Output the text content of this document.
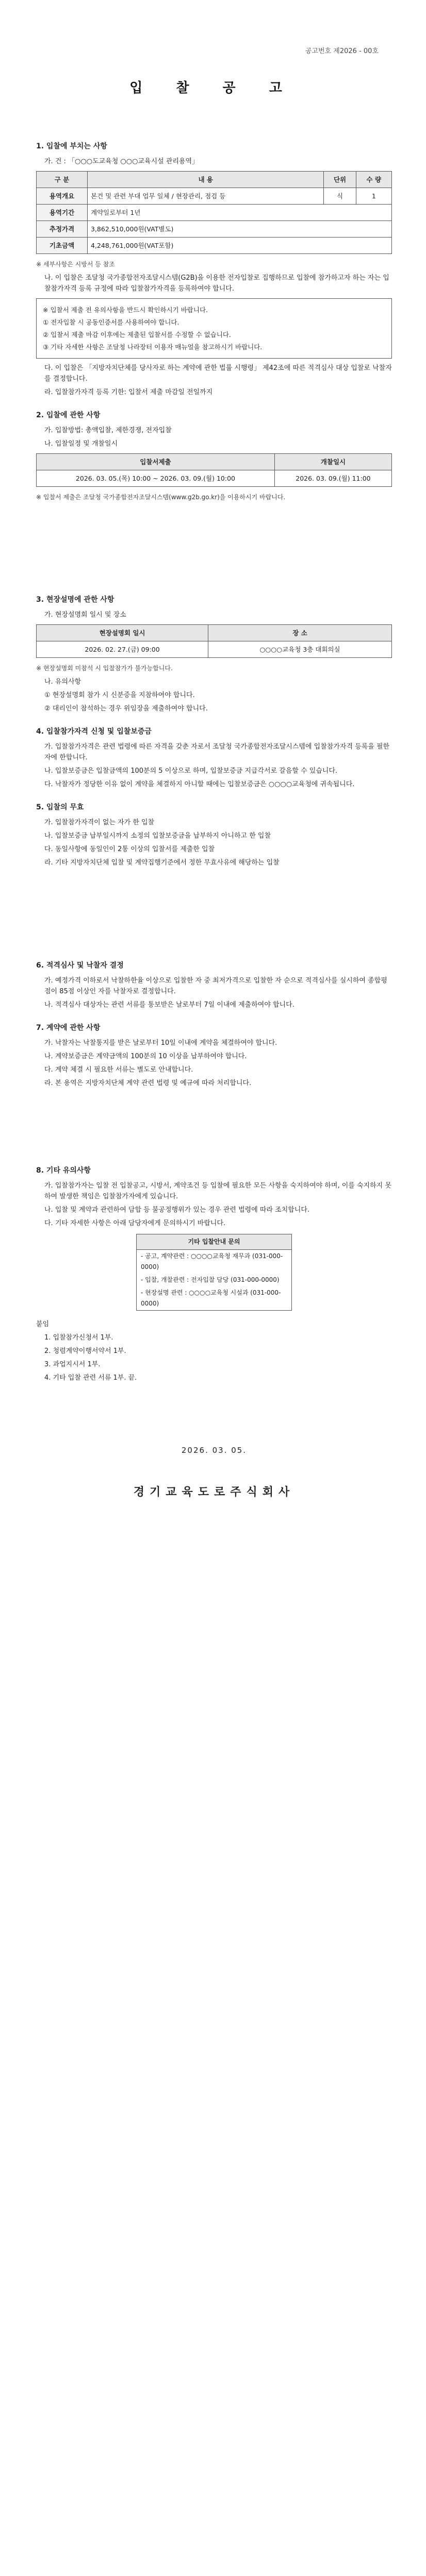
공고번호 제2026 - 00호
입 찰 공 고
1. 입찰에 부치는 사항
가. 건 : 「○○○도교육청 ○○○교육시설 관리용역」
구 분	내 용	단위	수 량
용역개요	본건 및 관련 부대 업무 일체 / 현장관리, 점검 등	식	1
용역기간	계약일로부터 1년		
추정가격	3,862,510,000원(VAT별도)		
기초금액	4,248,761,000원(VAT포함)		
※ 세부사항은 시방서 등 참조
나. 이 입찰은 조달청 국가종합전자조달시스템(G2B)을 이용한 전자입찰로 집행하므로 입찰에 참가하고자 하는 자는 입찰참가자격 등록 규정에 따라 입찰참가자격을 등록하여야 합니다.
※ 입찰서 제출 전 유의사항을 반드시 확인하시기 바랍니다.
① 전자입찰 시 공동인증서를 사용하여야 합니다.
② 입찰서 제출 마감 이후에는 제출된 입찰서를 수정할 수 없습니다.
③ 기타 자세한 사항은 조달청 나라장터 이용자 매뉴얼을 참고하시기 바랍니다.
다. 이 입찰은 「지방자치단체를 당사자로 하는 계약에 관한 법률 시행령」 제42조에 따른 적격심사 대상 입찰로 낙찰자를 결정합니다.
라. 입찰참가자격 등록 기한: 입찰서 제출 마감일 전일까지
2. 입찰에 관한 사항
가. 입찰방법: 총액입찰, 제한경쟁, 전자입찰
나. 입찰일정 및 개찰일시
입찰서제출	개찰일시
2026. 03. 05.(목) 10:00 ~ 2026. 03. 09.(월) 10:00	2026. 03. 09.(월) 11:00
※ 입찰서 제출은 조달청 국가종합전자조달시스템(www.g2b.go.kr)을 이용하시기 바랍니다.
3. 현장설명에 관한 사항
가. 현장설명회 일시 및 장소
현장설명회 일시	장 소
2026. 02. 27.(금) 09:00	○○○○교육청 3층 대회의실
※ 현장설명회 미참석 시 입찰참가가 불가능합니다.
나. 유의사항
① 현장설명회 참가 시 신분증을 지참하여야 합니다.
② 대리인이 참석하는 경우 위임장을 제출하여야 합니다.
4. 입찰참가자격 신청 및 입찰보증금
가. 입찰참가자격은 관련 법령에 따른 자격을 갖춘 자로서 조달청 국가종합전자조달시스템에 입찰참가자격 등록을 필한 자에 한합니다.
나. 입찰보증금은 입찰금액의 100분의 5 이상으로 하며, 입찰보증금 지급각서로 갈음할 수 있습니다.
다. 낙찰자가 정당한 이유 없이 계약을 체결하지 아니할 때에는 입찰보증금은 ○○○○교육청에 귀속됩니다.
5. 입찰의 무효
가. 입찰참가자격이 없는 자가 한 입찰
나. 입찰보증금 납부일시까지 소정의 입찰보증금을 납부하지 아니하고 한 입찰
다. 동일사항에 동일인이 2통 이상의 입찰서를 제출한 입찰
라. 기타 지방자치단체 입찰 및 계약집행기준에서 정한 무효사유에 해당하는 입찰
6. 적격심사 및 낙찰자 결정
가. 예정가격 이하로서 낙찰하한율 이상으로 입찰한 자 중 최저가격으로 입찰한 자 순으로 적격심사를 실시하여 종합평점이 85점 이상인 자를 낙찰자로 결정합니다.
나. 적격심사 대상자는 관련 서류를 통보받은 날로부터 7일 이내에 제출하여야 합니다.
7. 계약에 관한 사항
가. 낙찰자는 낙찰통지를 받은 날로부터 10일 이내에 계약을 체결하여야 합니다.
나. 계약보증금은 계약금액의 100분의 10 이상을 납부하여야 합니다.
다. 계약 체결 시 필요한 서류는 별도로 안내합니다.
라. 본 용역은 지방자치단체 계약 관련 법령 및 예규에 따라 처리합니다.
8. 기타 유의사항
가. 입찰참가자는 입찰 전 입찰공고, 시방서, 계약조건 등 입찰에 필요한 모든 사항을 숙지하여야 하며, 이를 숙지하지 못하여 발생한 책임은 입찰참가자에게 있습니다.
나. 입찰 및 계약과 관련하여 담합 등 불공정행위가 있는 경우 관련 법령에 따라 조치합니다.
다. 기타 자세한 사항은 아래 담당자에게 문의하시기 바랍니다.
기타 입찰안내 문의
- 공고, 계약관련 : ○○○○교육청 재무과 (031-000-0000)
- 입찰, 개찰관련 : 전자입찰 담당 (031-000-0000)
- 현장설명 관련 : ○○○○교육청 시설과 (031-000-0000)
붙임
1. 입찰참가신청서 1부.
2. 청렴계약이행서약서 1부.
3. 과업지시서 1부.
4. 기타 입찰 관련 서류 1부. 끝.
2026. 03. 05.
경기교육도로주식회사
